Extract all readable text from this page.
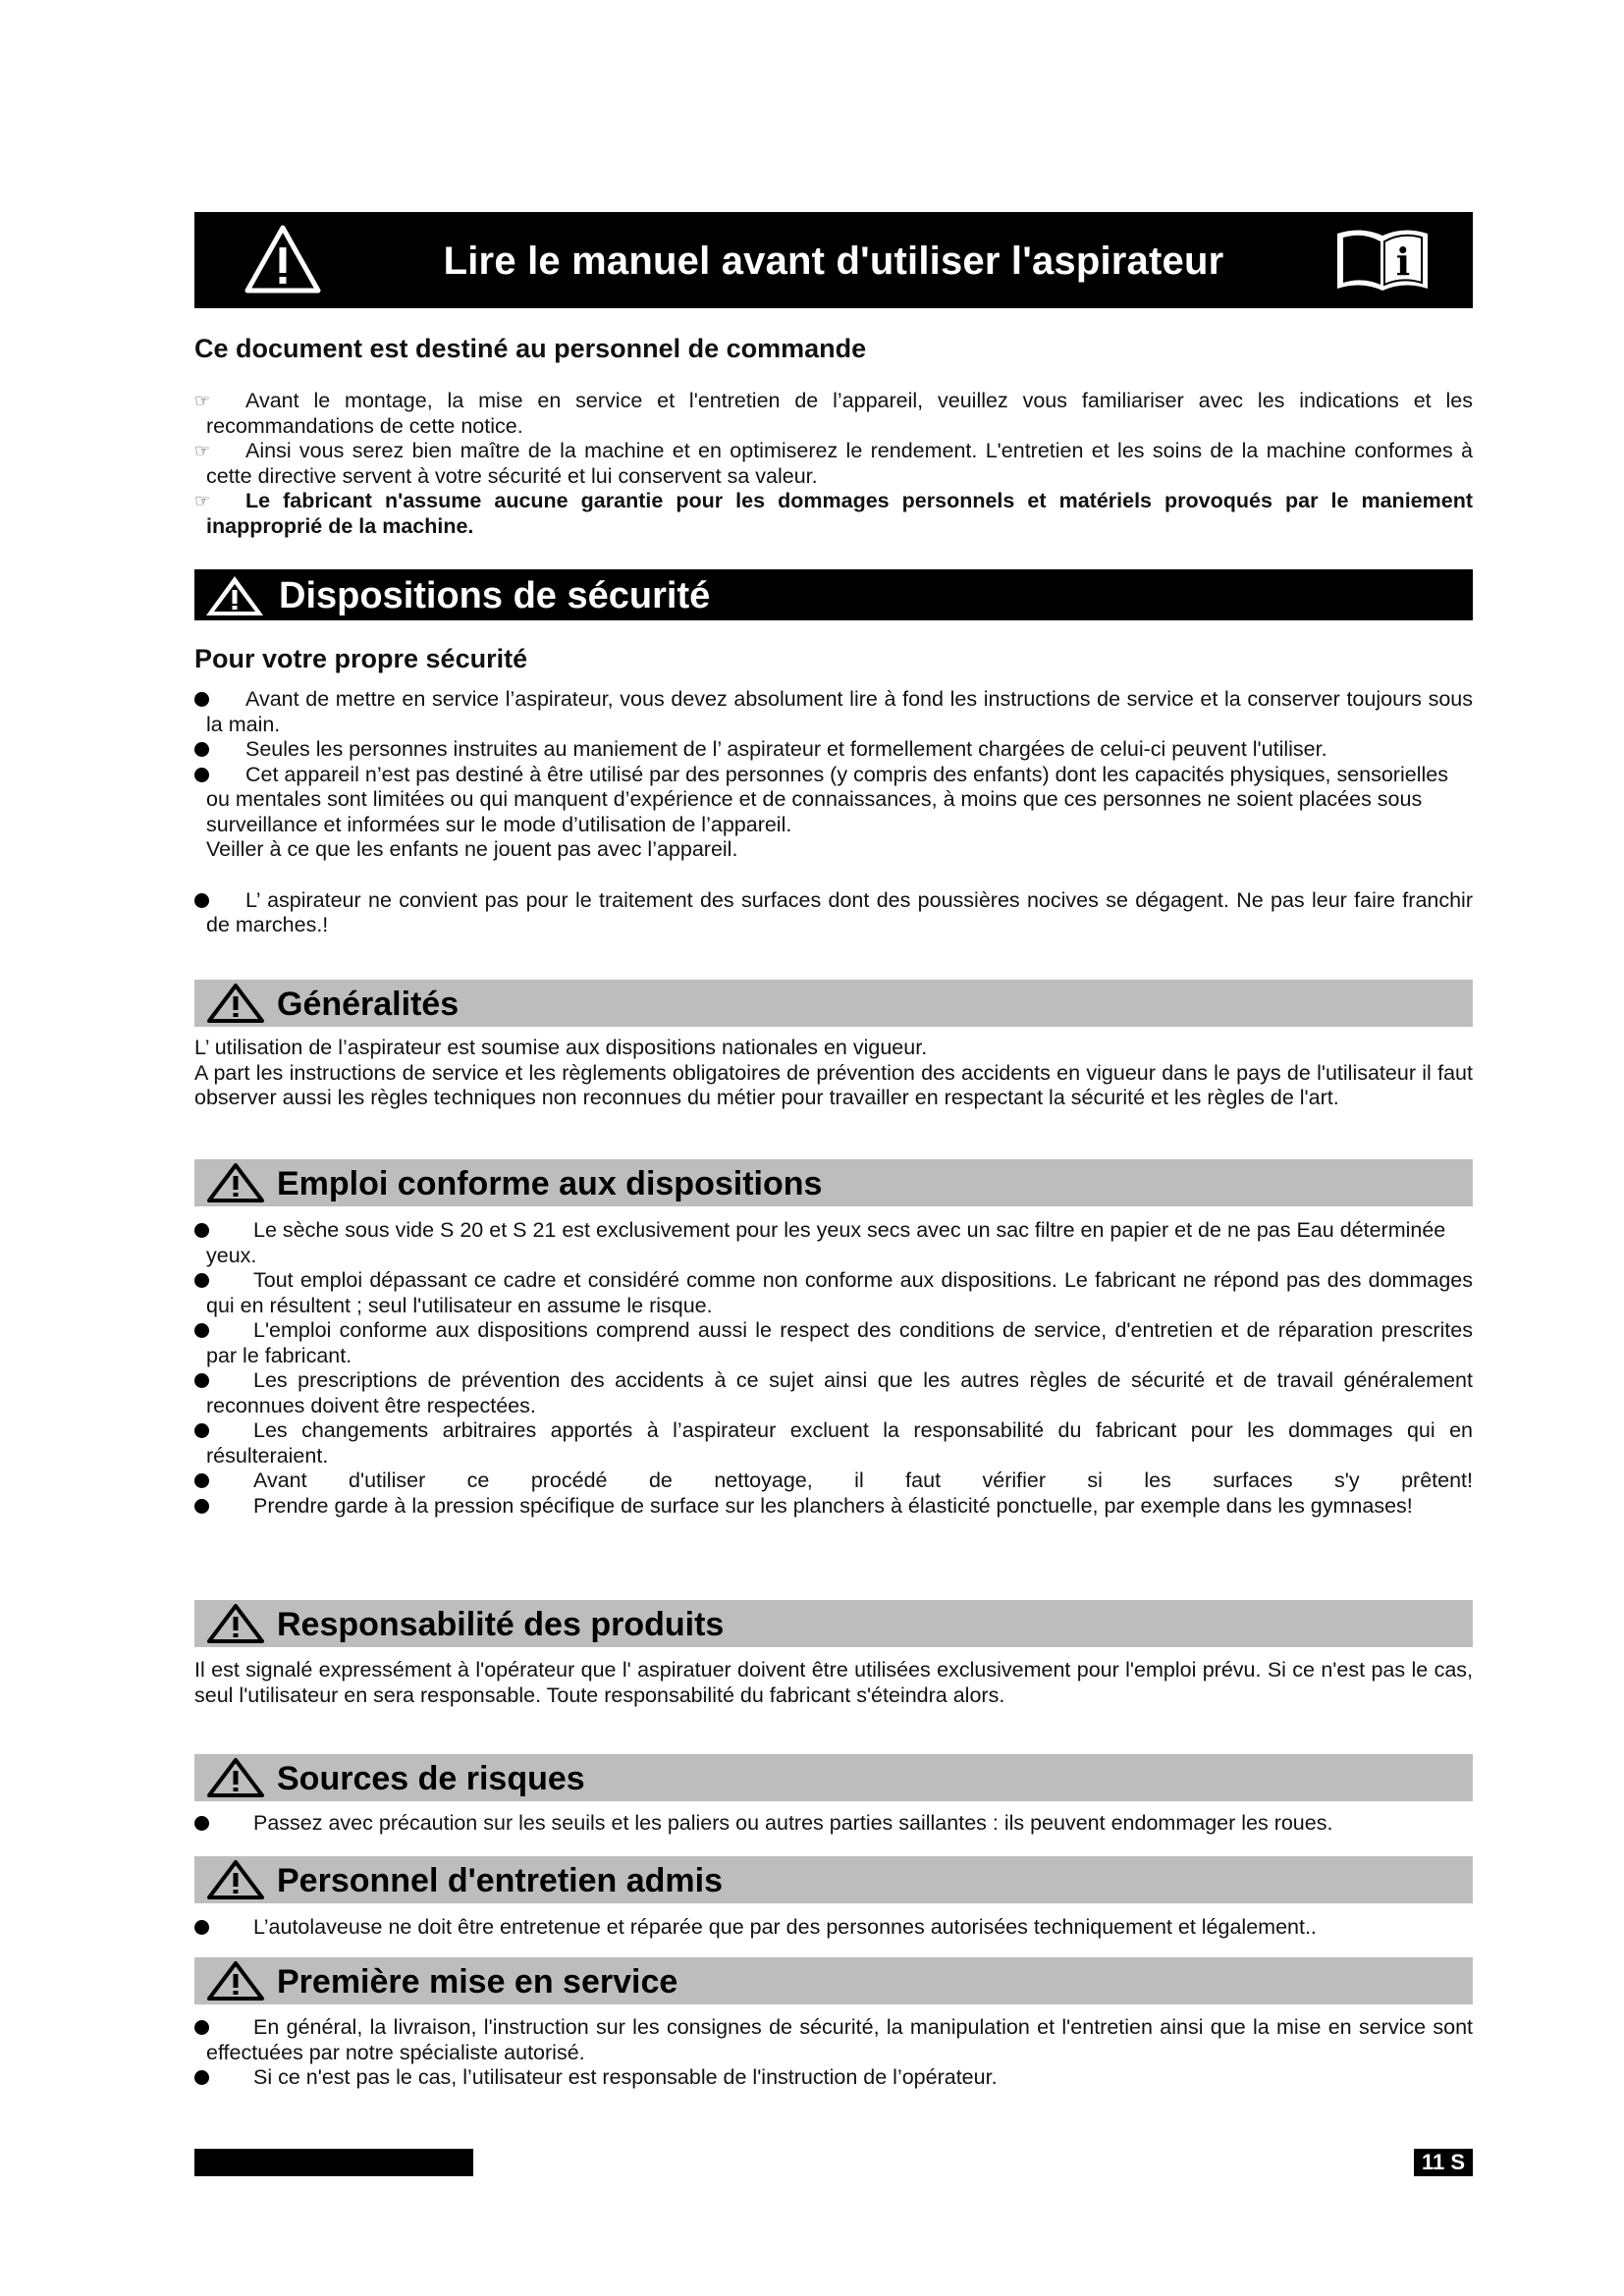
Lire le manuel avant d'utiliser l'aspirateur	i
Ce document est destiné au personnel de commande
☞	Avant le montage, la mise en service et l'entretien de l’appareil, veuillez vous familiariser avec les indications et les recommandations de cette notice.

☞	Ainsi vous serez bien maître de la machine et en optimiserez le rendement. L'entretien et les soins de la machine conformes à cette directive servent à votre sécurité et lui conservent sa valeur.

☞	Le fabricant n'assume aucune garantie pour les dommages personnels et matériels provoqués par le maniement inapproprié de la machine.

Dispositions de sécurité
Pour votre propre sécurité

Avant de mettre en service l’aspirateur, vous devez absolument lire à fond les instructions de service et la conserver toujours sous la main.

Seules les personnes instruites au maniement de l’ aspirateur et formellement chargées de celui-ci peuvent l'utiliser.

Cet appareil n’est pas destiné à être utilisé par des personnes (y compris des enfants) dont les capacités physiques, sensorielles ou mentales sont limitées ou qui manquent d’expérience et de connaissances, à moins que ces personnes ne soient placées sous surveillance et informées sur le mode d’utilisation de l’appareil.

Veiller à ce que les enfants ne jouent pas avec l’appareil.

L’ aspirateur ne convient pas pour le traitement des surfaces dont des poussières nocives se dégagent. Ne pas leur faire franchir de marches.!

Généralités

L’ utilisation de l’aspirateur est soumise aux dispositions nationales en vigueur.

A part les instructions de service et les règlements obligatoires de prévention des accidents en vigueur dans le pays de l'utilisateur il faut observer aussi les règles techniques non reconnues du métier pour travailler en respectant la sécurité et les règles de l'art.

Emploi conforme aux dispositions

Le sèche sous vide S 20 et S 21 est exclusivement pour les yeux secs avec un sac filtre en papier et de ne pas Eau déterminée yeux.

Tout emploi dépassant ce cadre et considéré comme non conforme aux dispositions. Le fabricant ne répond pas des dommages qui en résultent ; seul l'utilisateur en assume le risque.

L'emploi conforme aux dispositions comprend aussi le respect des conditions de service, d'entretien et de réparation prescrites par le fabricant.

Les prescriptions de prévention des accidents à ce sujet ainsi que les autres règles de sécurité et de travail généralement reconnues doivent être respectées.

Les changements arbitraires apportés à l’aspirateur excluent la responsabilité du fabricant pour les dommages qui en résulteraient.

Avant d'utiliser ce procédé de nettoyage, il faut vérifier si les surfaces s'y prêtent!

Prendre garde à la pression spécifique de surface sur les planchers à élasticité ponctuelle, par exemple dans les gymnases!

Responsabilité des produits

Il est signalé expressément à l'opérateur que l' aspiratuer doivent être utilisées exclusivement pour l'emploi prévu. Si ce n'est pas le cas, seul l'utilisateur en sera responsable. Toute responsabilité du fabricant s'éteindra alors.

Sources de risques

Passez avec précaution sur les seuils et les paliers ou autres parties saillantes : ils peuvent endommager les roues.

Personnel d'entretien admis

L’autolaveuse ne doit être entretenue et réparée que par des personnes autorisées techniquement et légalement..

Première mise en service

En général, la livraison, l'instruction sur les consignes de sécurité, la manipulation et l'entretien ainsi que la mise en service sont effectuées par notre spécialiste autorisé.

Si ce n'est pas le cas, l’utilisateur est responsable de l'instruction de l’opérateur.

11 S
